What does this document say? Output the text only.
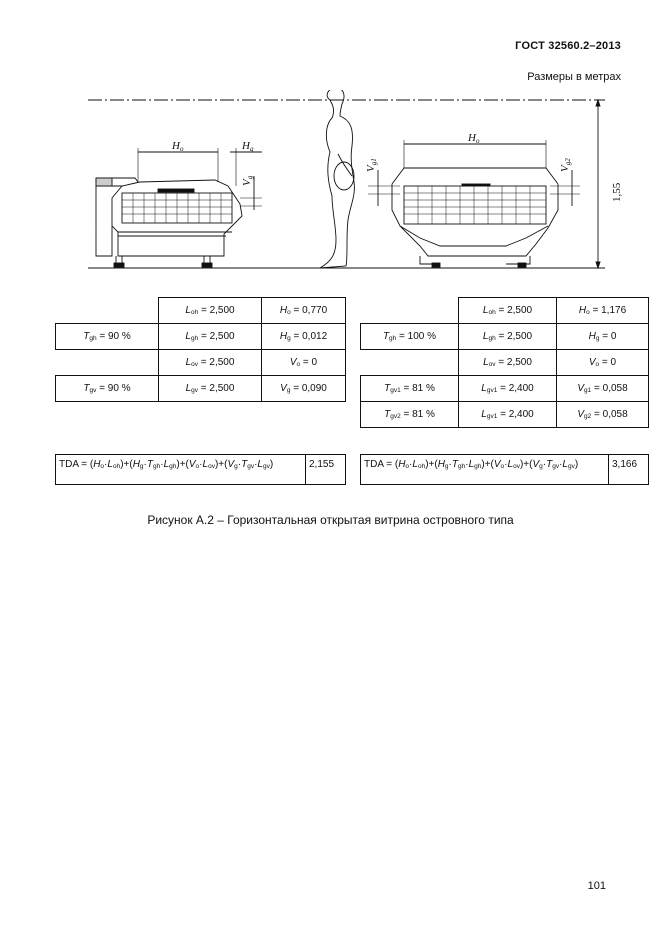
ГОСТ 32560.2–2013
Размеры в метрах
Ho	Hg
Vg
Ho
Vg1
Vg2
1,55
	$L_{oh} = 2,500$	$H_o = 0,770$
$T_{gh} = 90$ %	$L_{gh} = 2,500$	$H_g = 0,012$
	$L_{ov} = 2,500$	$V_o = 0$
$T_{gv} = 90$ %	$L_{gv} = 2,500$	$V_g = 0,090$
	$L_{oh} = 2,500$	$H_o = 1,176$
$T_{gh} = 100$ %	$L_{gh} = 2,500$	$H_g = 0$
	$L_{ov} = 2,500$	$V_o = 0$
$T_{gv1} = 81$ %	$L_{gv1} = 2,400$	$V_{g1} = 0,058$
$T_{gv2} = 81$ %	$L_{gv1} = 2,400$	$V_{g2} = 0,058$
TDA = $(H_o\cdot L_{oh})+(H_g\cdot T_{gh}\cdot L_{gh})+(V_o\cdot L_{ov})+(V_g\cdot T_{gv}\cdot L_{gv})$	2,155	TDA = $(H_o\cdot L_{oh})+(H_g\cdot T_{gh}\cdot L_{gh})+(V_o\cdot L_{ov})+(V_g\cdot T_{gv}\cdot L_{gv})$	3,166
Рисунок А.2 – Горизонтальная открытая витрина островного типа
101
